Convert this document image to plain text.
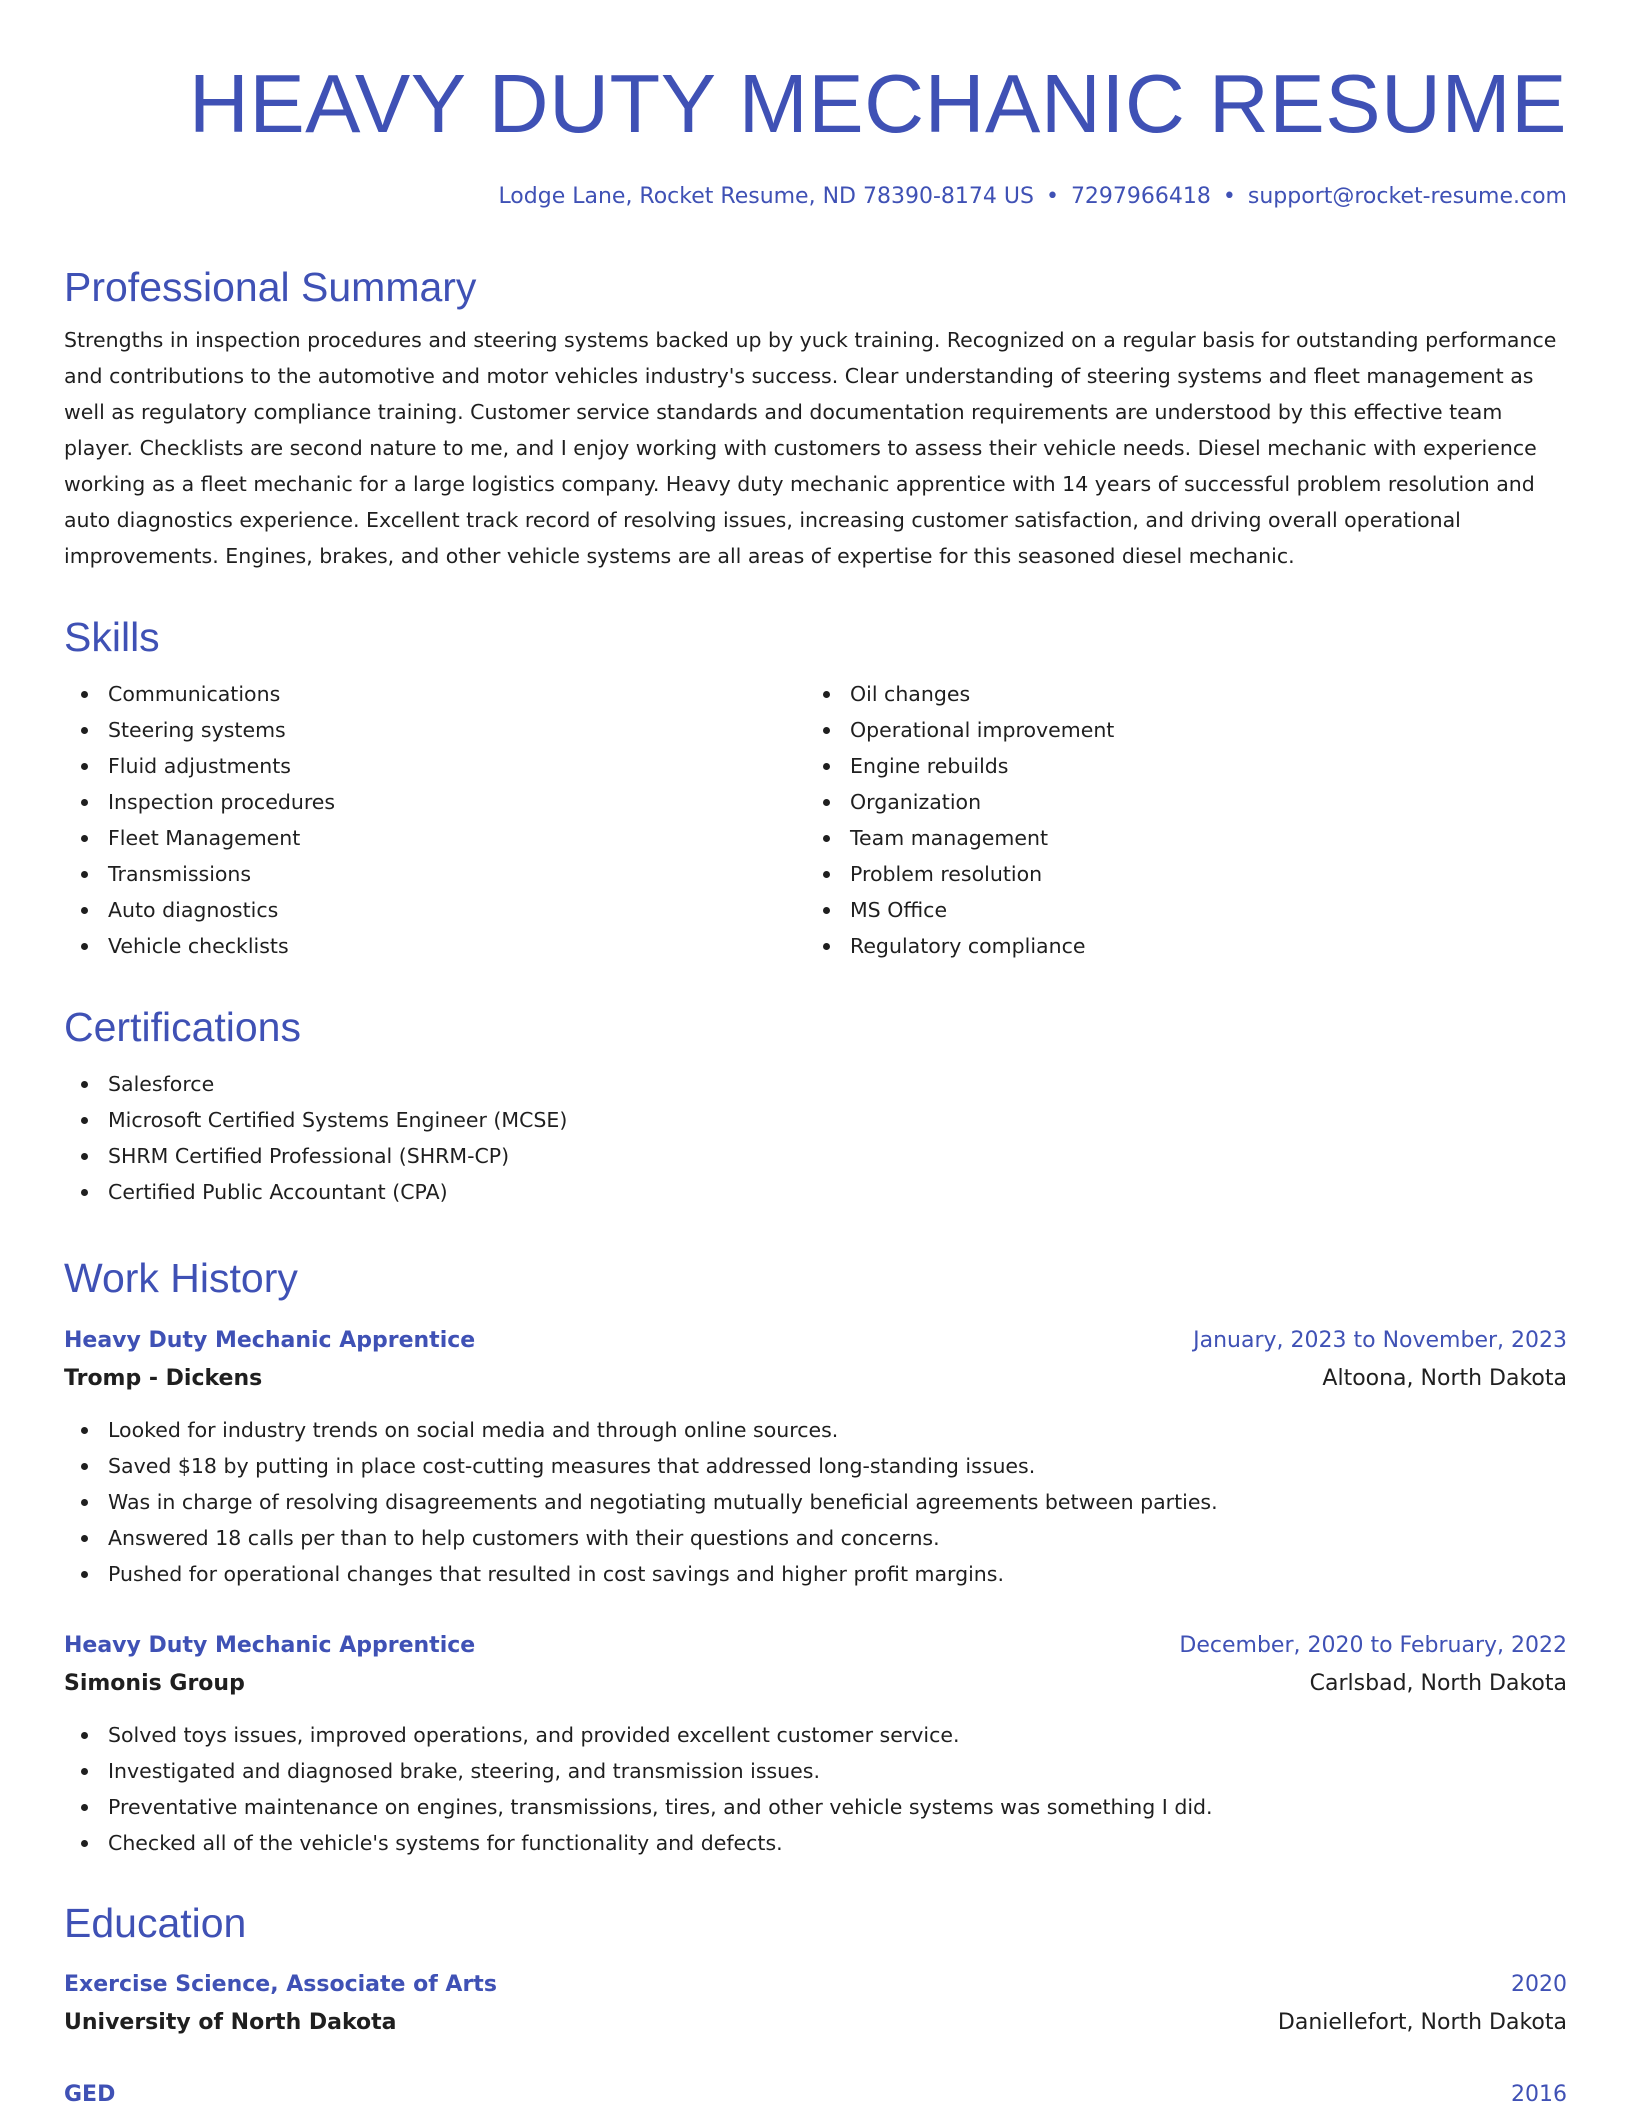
HEAVY DUTY MECHANIC RESUME
Lodge Lane, Rocket Resume, ND 78390-8174 US • 7297966418 • support@rocket-resume.com
Professional Summary

Strengths in inspection procedures and steering systems backed up by yuck training. Recognized on a regular basis for outstanding performance and contributions to the automotive and motor vehicles industry's success. Clear understanding of steering systems and fleet management as well as regulatory compliance training. Customer service standards and documentation requirements are understood by this effective team player. Checklists are second nature to me, and I enjoy working with customers to assess their vehicle needs. Diesel mechanic with experience working as a fleet mechanic for a large logistics company. Heavy duty mechanic apprentice with 14 years of successful problem resolution and auto diagnostics experience. Excellent track record of resolving issues, increasing customer satisfaction, and driving overall operational improvements. Engines, brakes, and other vehicle systems are all areas of expertise for this seasoned diesel mechanic.

Skills
Communications
Steering systems
Fluid adjustments
Inspection procedures
Fleet Management
Transmissions
Auto diagnostics
Vehicle checklists
Oil changes
Operational improvement
Engine rebuilds
Organization
Team management
Problem resolution
MS Office
Regulatory compliance
Certifications
Salesforce
Microsoft Certified Systems Engineer (MCSE)
SHRM Certified Professional (SHRM-CP)
Certified Public Accountant (CPA)
Work History
Heavy Duty Mechanic Apprentice	January, 2023 to November, 2023
Tromp - Dickens	Altoona, North Dakota
Looked for industry trends on social media and through online sources.
Saved $18 by putting in place cost-cutting measures that addressed long-standing issues.
Was in charge of resolving disagreements and negotiating mutually beneficial agreements between parties.
Answered 18 calls per than to help customers with their questions and concerns.
Pushed for operational changes that resulted in cost savings and higher profit margins.
Heavy Duty Mechanic Apprentice	December, 2020 to February, 2022
Simonis Group	Carlsbad, North Dakota
Solved toys issues, improved operations, and provided excellent customer service.
Investigated and diagnosed brake, steering, and transmission issues.
Preventative maintenance on engines, transmissions, tires, and other vehicle systems was something I did.
Checked all of the vehicle's systems for functionality and defects.
Education
Exercise Science, Associate of Arts	2020
University of North Dakota	Daniellefort, North Dakota
GED	2016
